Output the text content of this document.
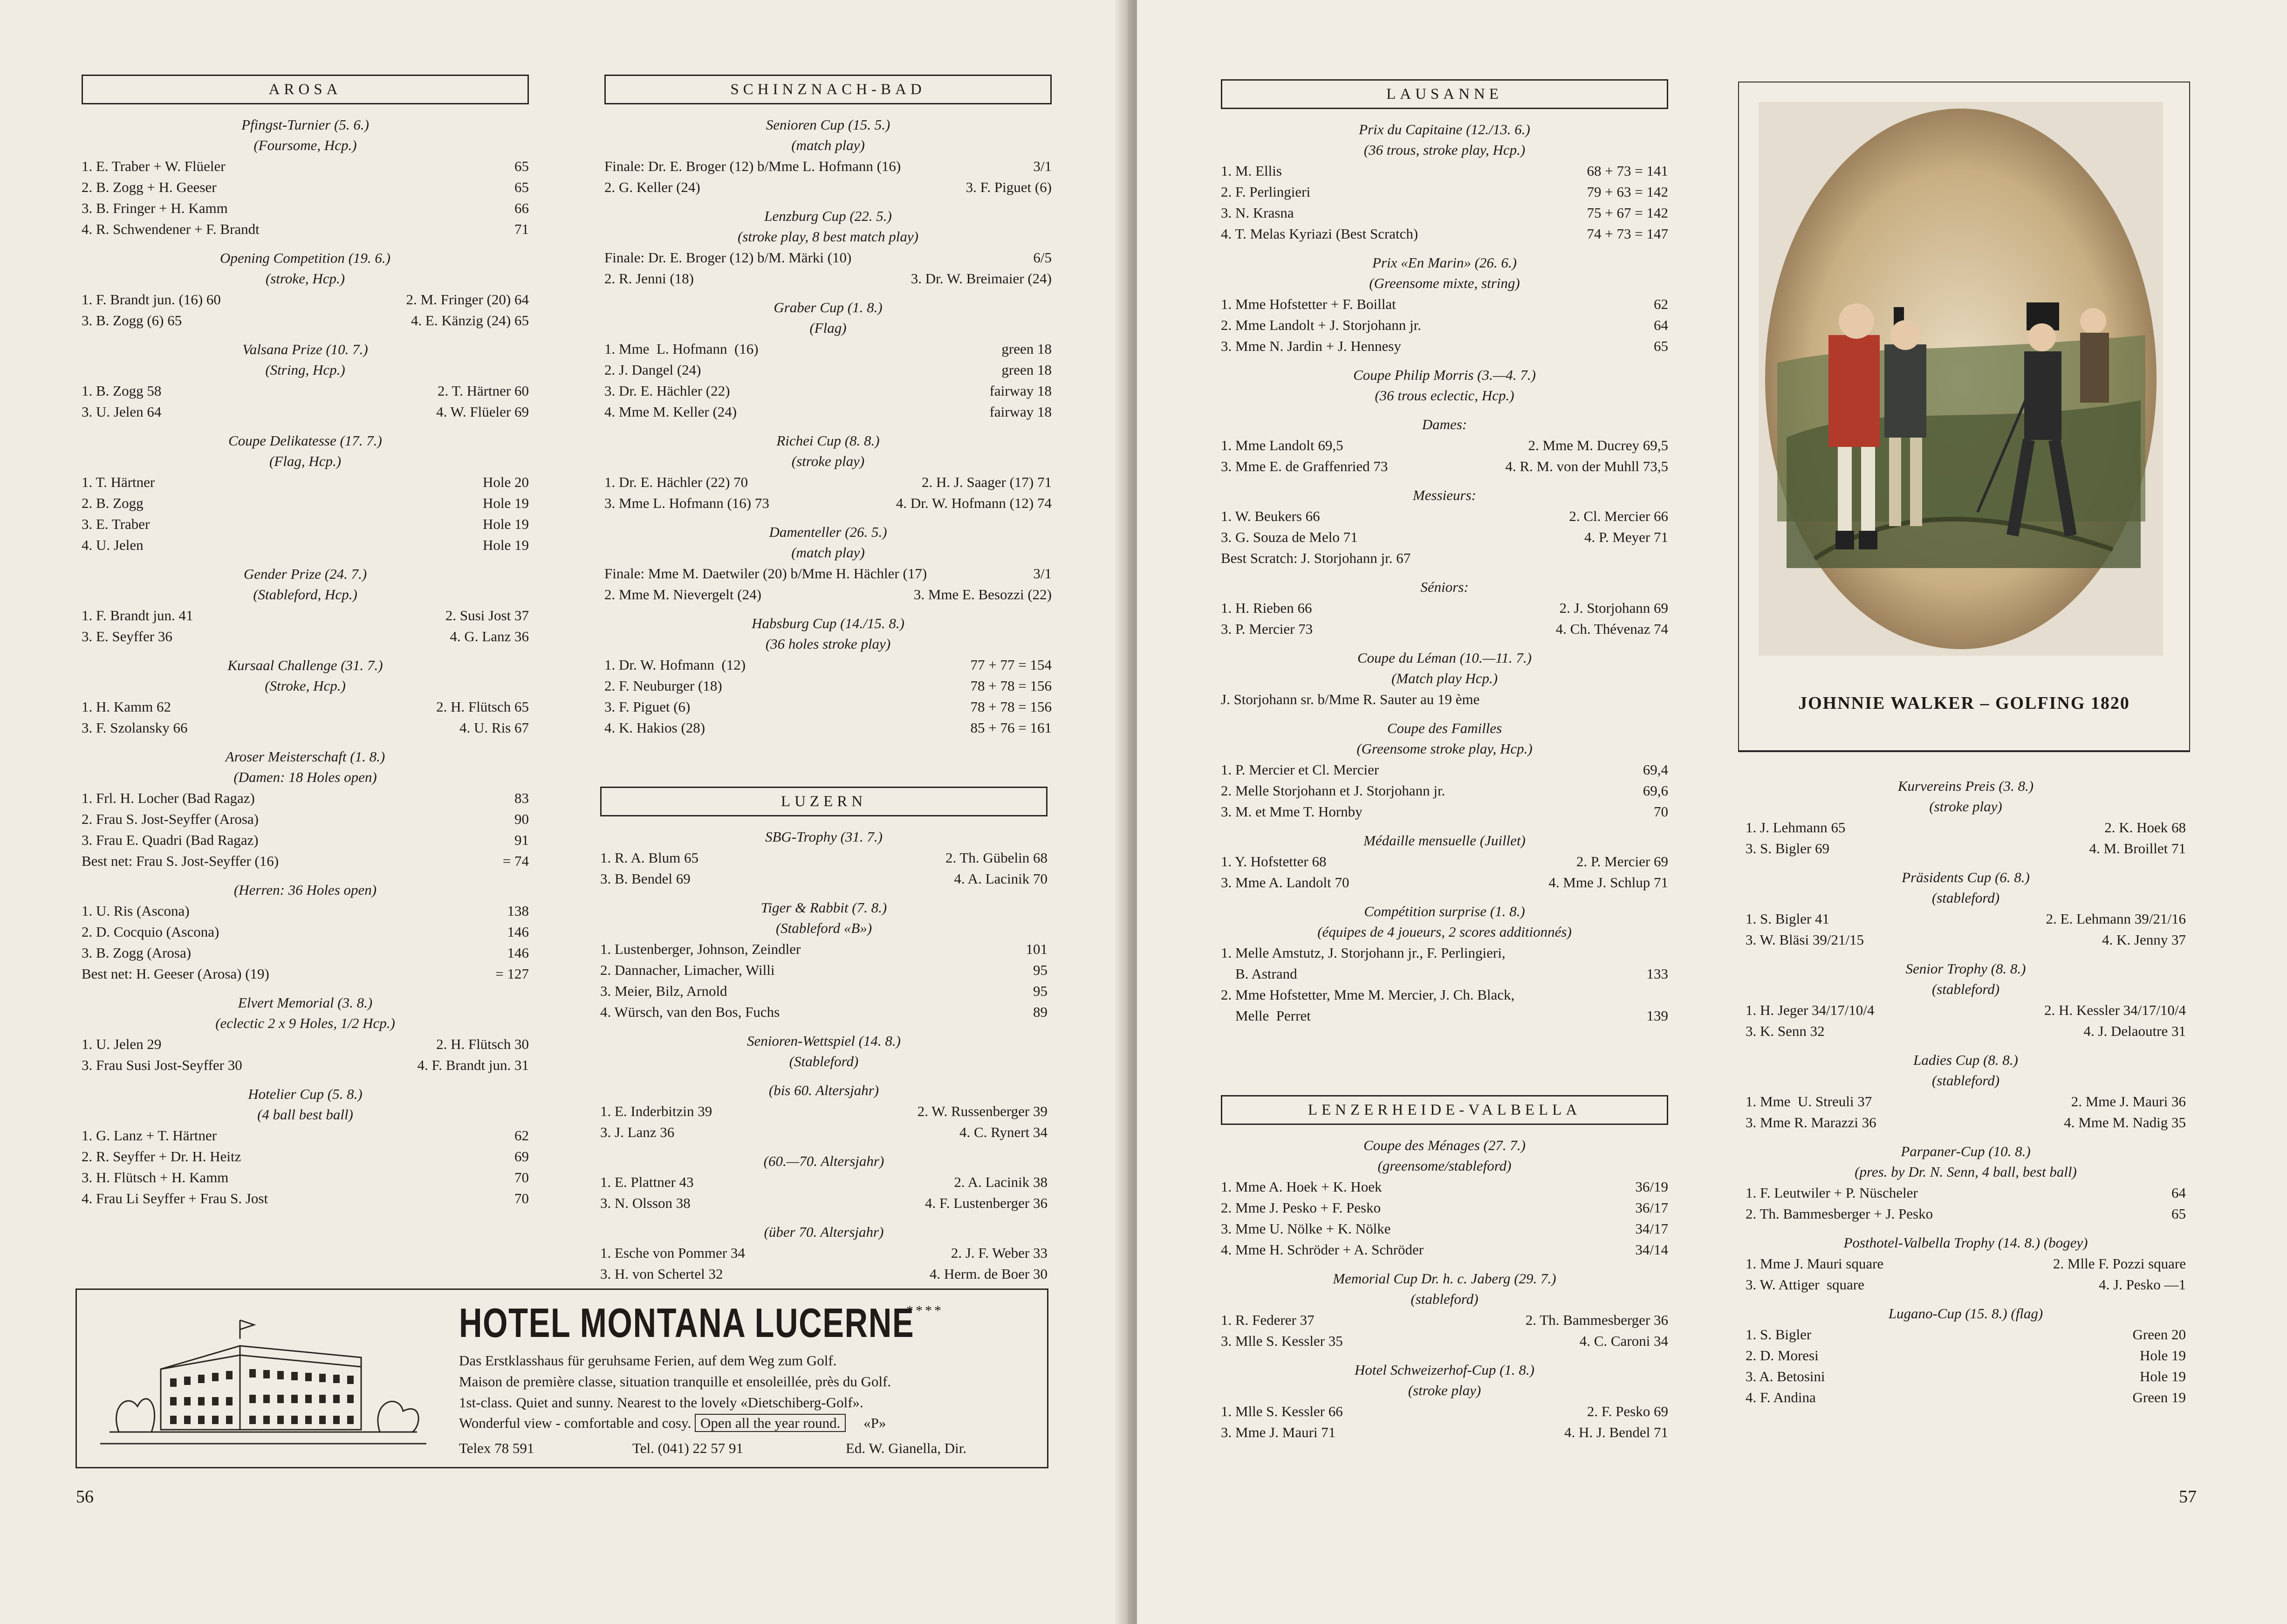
AROSA
Pfingst-Turnier (5. 6.)
(Foursome, Hcp.)
1. E. Traber + W. Flüeler	65
2. B. Zogg + H. Geeser	65
3. B. Fringer + H. Kamm	66
4. R. Schwendener + F. Brandt	71
Opening Competition (19. 6.)
(stroke, Hcp.)
1. F. Brandt jun. (16) 60	2. M. Fringer (20) 64
3. B. Zogg (6) 65	4. E. Känzig (24) 65
Valsana Prize (10. 7.)
(String, Hcp.)
1. B. Zogg 58	2. T. Härtner 60
3. U. Jelen 64	4. W. Flüeler 69
Coupe Delikatesse (17. 7.)
(Flag, Hcp.)
1. T. Härtner	Hole 20
2. B. Zogg	Hole 19
3. E. Traber	Hole 19
4. U. Jelen	Hole 19
Gender Prize (24. 7.)
(Stableford, Hcp.)
1. F. Brandt jun. 41	2. Susi Jost 37
3. E. Seyffer 36	4. G. Lanz 36
Kursaal Challenge (31. 7.)
(Stroke, Hcp.)
1. H. Kamm 62	2. H. Flütsch 65
3. F. Szolansky 66	4. U. Ris 67
Aroser Meisterschaft (1. 8.)
(Damen: 18 Holes open)
1. Frl. H. Locher (Bad Ragaz)	83
2. Frau S. Jost-Seyffer (Arosa)	90
3. Frau E. Quadri (Bad Ragaz)	91
Best net: Frau S. Jost-Seyffer (16)	= 74
(Herren: 36 Holes open)
1. U. Ris (Ascona)	138
2. D. Cocquio (Ascona)	146
3. B. Zogg (Arosa)	146
Best net: H. Geeser (Arosa) (19)	= 127
Elvert Memorial (3. 8.)
(eclectic 2 x 9 Holes, 1/2 Hcp.)
1. U. Jelen 29	2. H. Flütsch 30
3. Frau Susi Jost-Seyffer 30	4. F. Brandt jun. 31
Hotelier Cup (5. 8.)
(4 ball best ball)
1. G. Lanz + T. Härtner	62
2. R. Seyffer + Dr. H. Heitz	69
3. H. Flütsch + H. Kamm	70
4. Frau Li Seyffer + Frau S. Jost	70
SCHINZNACH-BAD
Senioren Cup (15. 5.)
(match play)
Finale: Dr. E. Broger (12) b/Mme L. Hofmann (16)	3/1
2. G. Keller (24)	3. F. Piguet (6)
Lenzburg Cup (22. 5.)
(stroke play, 8 best match play)
Finale: Dr. E. Broger (12) b/M. Märki (10)	6/5
2. R. Jenni (18)	3. Dr. W. Breimaier (24)
Graber Cup (1. 8.)
(Flag)
1. Mme  L. Hofmann  (16)	green 18
2. J. Dangel (24)	green 18
3. Dr. E. Hächler (22)	fairway 18
4. Mme M. Keller (24)	fairway 18
Richei Cup (8. 8.)
(stroke play)
1. Dr. E. Hächler (22) 70	2. H. J. Saager (17) 71
3. Mme L. Hofmann (16) 73	4. Dr. W. Hofmann (12) 74
Damenteller (26. 5.)
(match play)
Finale: Mme M. Daetwiler (20) b/Mme H. Hächler (17)	3/1
2. Mme M. Nievergelt (24)	3. Mme E. Besozzi (22)
Habsburg Cup (14./15. 8.)
(36 holes stroke play)
1. Dr. W. Hofmann  (12)	77 + 77 = 154
2. F. Neuburger (18)	78 + 78 = 156
3. F. Piguet (6)	78 + 78 = 156
4. K. Hakios (28)	85 + 76 = 161
LUZERN
SBG-Trophy (31. 7.)
1. R. A. Blum 65	2. Th. Gübelin 68
3. B. Bendel 69	4. A. Lacinik 70
Tiger & Rabbit (7. 8.)
(Stableford «B»)
1. Lustenberger, Johnson, Zeindler	101
2. Dannacher, Limacher, Willi	95
3. Meier, Bilz, Arnold	95
4. Würsch, van den Bos, Fuchs	89
Senioren-Wettspiel (14. 8.)
(Stableford)
(bis 60. Altersjahr)
1. E. Inderbitzin 39	2. W. Russenberger 39
3. J. Lanz 36	4. C. Rynert 34
(60.—70. Altersjahr)
1. E. Plattner 43	2. A. Lacinik 38
3. N. Olsson 38	4. F. Lustenberger 36
(über 70. Altersjahr)
1. Esche von Pommer 34	2. J. F. Weber 33
3. H. von Schertel 32	4. Herm. de Boer 30
HOTEL MONTANA LUCERNE
****
Das Erstklasshaus für geruhsame Ferien, auf dem Weg zum Golf.
Maison de première classe, situation tranquille et ensoleillée, près du Golf.
1st-class. Quiet and sunny. Nearest to the lovely «Dietschiberg-Golf».
Wonderful view - comfortable and cosy. Open all the year round. «P»
Telex 78 591	Tel. (041) 22 57 91	Ed. W. Gianella, Dir.
56
LAUSANNE
Prix du Capitaine (12./13. 6.)
(36 trous, stroke play, Hcp.)
1. M. Ellis	68 + 73 = 141
2. F. Perlingieri	79 + 63 = 142
3. N. Krasna	75 + 67 = 142
4. T. Melas Kyriazi (Best Scratch)	74 + 73 = 147
Prix «En Marin» (26. 6.)
(Greensome mixte, string)
1. Mme Hofstetter + F. Boillat	62
2. Mme Landolt + J. Storjohann jr.	64
3. Mme N. Jardin + J. Hennesy	65
Coupe Philip Morris (3.—4. 7.)
(36 trous eclectic, Hcp.)
Dames:
1. Mme Landolt 69,5	2. Mme M. Ducrey 69,5
3. Mme E. de Graffenried 73	4. R. M. von der Muhll 73,5
Messieurs:
1. W. Beukers 66	2. Cl. Mercier 66
3. G. Souza de Melo 71	4. P. Meyer 71
Best Scratch: J. Storjohann jr. 67
Séniors:
1. H. Rieben 66	2. J. Storjohann 69
3. P. Mercier 73	4. Ch. Thévenaz 74
Coupe du Léman (10.—11. 7.)
(Match play Hcp.)
J. Storjohann sr. b/Mme R. Sauter au 19 ème
Coupe des Familles
(Greensome stroke play, Hcp.)
1. P. Mercier et Cl. Mercier	69,4
2. Melle Storjohann et J. Storjohann jr.	69,6
3. M. et Mme T. Hornby	70
Médaille mensuelle (Juillet)
1. Y. Hofstetter 68	2. P. Mercier 69
3. Mme A. Landolt 70	4. Mme J. Schlup 71
Compétition surprise (1. 8.)
(équipes de 4 joueurs, 2 scores additionnés)
1. Melle Amstutz, J. Storjohann jr., F. Perlingieri,
B. Astrand	133
2. Mme Hofstetter, Mme M. Mercier, J. Ch. Black,
Melle  Perret	139
LENZERHEIDE-VALBELLA
Coupe des Ménages (27. 7.)
(greensome/stableford)
1. Mme A. Hoek + K. Hoek	36/19
2. Mme J. Pesko + F. Pesko	36/17
3. Mme U. Nölke + K. Nölke	34/17
4. Mme H. Schröder + A. Schröder	34/14
Memorial Cup Dr. h. c. Jaberg (29. 7.)
(stableford)
1. R. Federer 37	2. Th. Bammesberger 36
3. Mlle S. Kessler 35	4. C. Caroni 34
Hotel Schweizerhof-Cup (1. 8.)
(stroke play)
1. Mlle S. Kessler 66	2. F. Pesko 69
3. Mme J. Mauri 71	4. H. J. Bendel 71
JOHNNIE WALKER – GOLFING 1820
Kurvereins Preis (3. 8.)
(stroke play)
1. J. Lehmann 65	2. K. Hoek 68
3. S. Bigler 69	4. M. Broillet 71
Präsidents Cup (6. 8.)
(stableford)
1. S. Bigler 41	2. E. Lehmann 39/21/16
3. W. Bläsi 39/21/15	4. K. Jenny 37
Senior Trophy (8. 8.)
(stableford)
1. H. Jeger 34/17/10/4	2. H. Kessler 34/17/10/4
3. K. Senn 32	4. J. Delaoutre 31
Ladies Cup (8. 8.)
(stableford)
1. Mme  U. Streuli 37	2. Mme J. Mauri 36
3. Mme R. Marazzi 36	4. Mme M. Nadig 35
Parpaner-Cup (10. 8.)
(pres. by Dr. N. Senn, 4 ball, best ball)
1. F. Leutwiler + P. Nüscheler	64
2. Th. Bammesberger + J. Pesko	65
Posthotel-Valbella Trophy (14. 8.) (bogey)
1. Mme J. Mauri square	2. Mlle F. Pozzi square
3. W. Attiger  square	4. J. Pesko —1
Lugano-Cup (15. 8.) (flag)
1. S. Bigler	Green 20
2. D. Moresi	Hole 19
3. A. Betosini	Hole 19
4. F. Andina	Green 19
57
